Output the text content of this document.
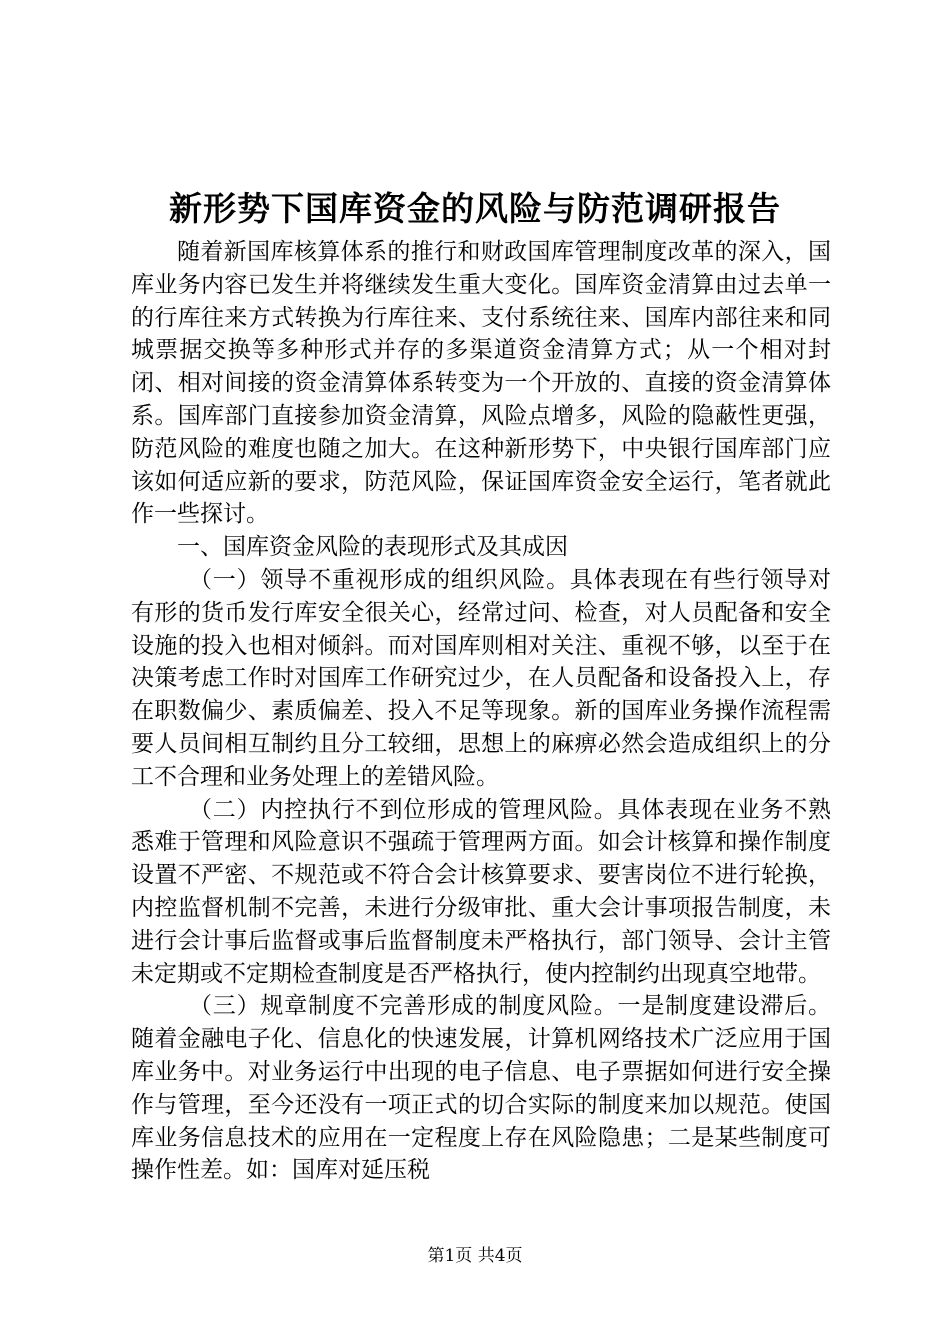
新形势下国库资金的风险与防范调研报告

随着新国库核算体系的推行和财政国库管理制度改革的深入，国库业务内容已发生并将继续发生重大变化。国库资金清算由过去单一的行库往来方式转换为行库往来、支付系统往来、国库内部往来和同城票据交换等多种形式并存的多渠道资金清算方式；从一个相对封闭、相对间接的资金清算体系转变为一个开放的、直接的资金清算体系。国库部门直接参加资金清算，风险点增多，风险的隐蔽性更强，防范风险的难度也随之加大。在这种新形势下，中央银行国库部门应该如何适应新的要求，防范风险，保证国库资金安全运行，笔者就此作一些探讨。

一、国库资金风险的表现形式及其成因

（一）领导不重视形成的组织风险。具体表现在有些行领导对有形的货币发行库安全很关心，经常过问、检查，对人员配备和安全设施的投入也相对倾斜。而对国库则相对关注、重视不够，以至于在决策考虑工作时对国库工作研究过少，在人员配备和设备投入上，存在职数偏少、素质偏差、投入不足等现象。新的国库业务操作流程需要人员间相互制约且分工较细，思想上的麻痹必然会造成组织上的分工不合理和业务处理上的差错风险。

（二）内控执行不到位形成的管理风险。具体表现在业务不熟悉难于管理和风险意识不强疏于管理两方面。如会计核算和操作制度设置不严密、不规范或不符合会计核算要求、要害岗位不进行轮换，内控监督机制不完善，未进行分级审批、重大会计事项报告制度，未进行会计事后监督或事后监督制度未严格执行，部门领导、会计主管未定期或不定期检查制度是否严格执行，使内控制约出现真空地带。

（三）规章制度不完善形成的制度风险。一是制度建设滞后。随着金融电子化、信息化的快速发展，计算机网络技术广泛应用于国库业务中。对业务运行中出现的电子信息、电子票据如何进行安全操作与管理，至今还没有一项正式的切合实际的制度来加以规范。使国库业务信息技术的应用在一定程度上存在风险隐患；二是某些制度可操作性差。如：国库对延压税

第1页 共4页
